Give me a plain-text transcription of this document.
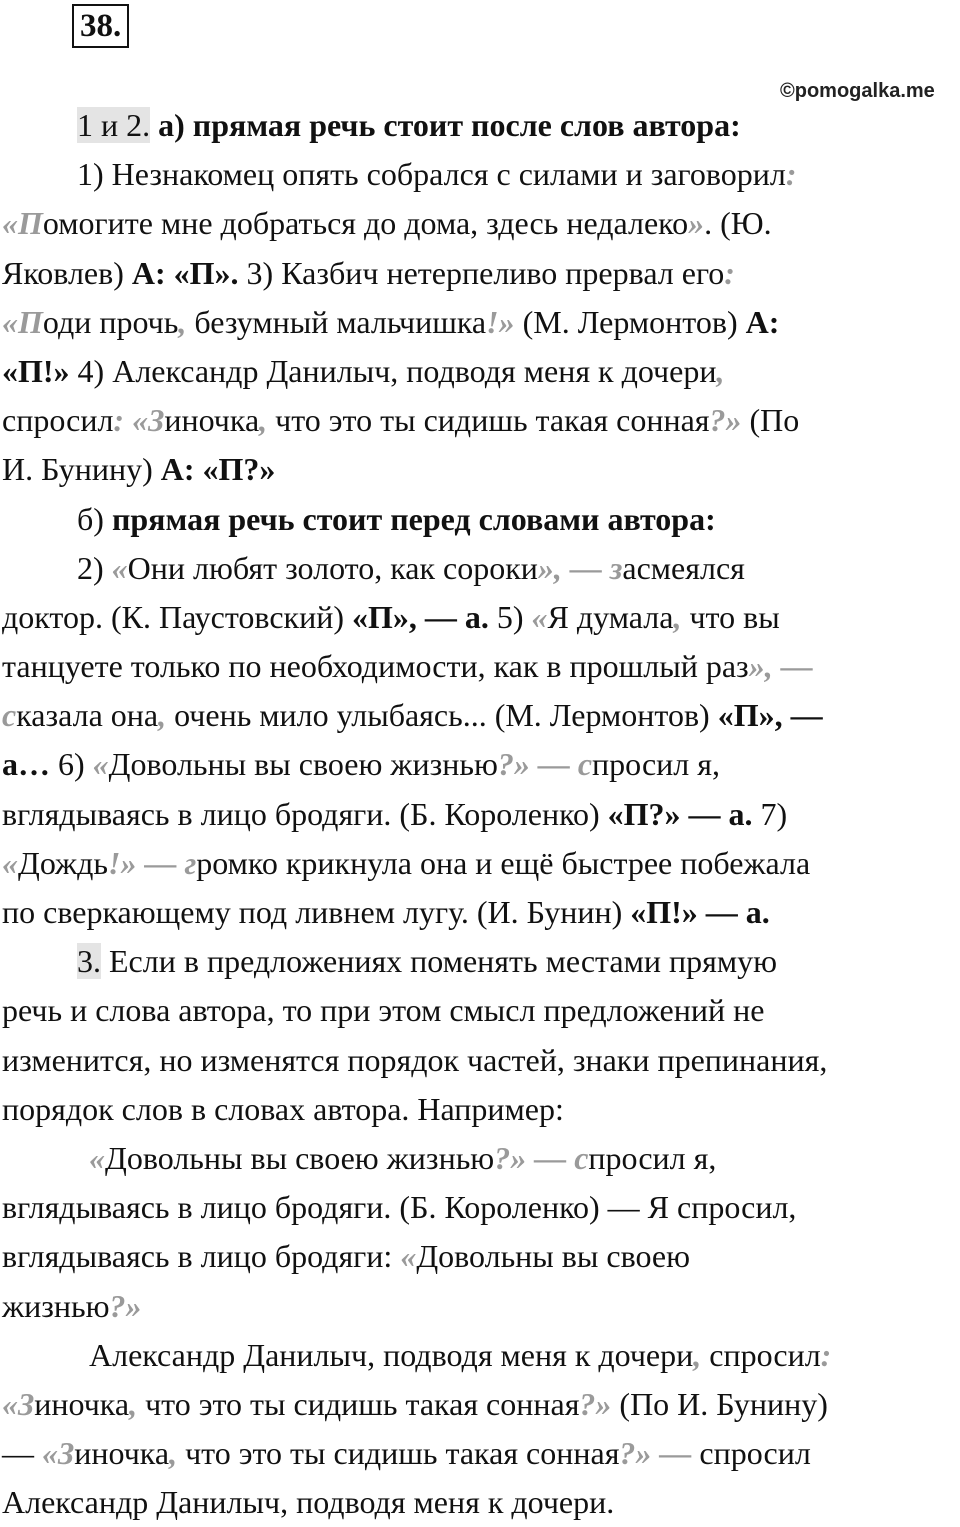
38.
©pomogalka.me
1 и 2. а) прямая речь стоит после слов автора:
1) Незнакомец опять собрался с силами и заговорил:
«Помогите мне добраться до дома, здесь недалеко». (Ю.
Яковлев) А: «П». 3) Казбич нетерпеливо прервал его:
«Поди прочь, безумный мальчишка!» (М. Лермонтов) А:
«П!» 4) Александр Данилыч, подводя меня к дочери,
спросил: «Зиночка, что это ты сидишь такая сонная?» (По
И. Бунину) А: «П?»
б) прямая речь стоит перед словами автора:
2) «Они любят золото, как сороки», — засмеялся
доктор. (К. Паустовский) «П», — а. 5) «Я думала, что вы
танцуете только по необходимости, как в прошлый раз», —
сказала она, очень мило улыбаясь... (М. Лермонтов) «П», —
а… 6) «Довольны вы своею жизнью?» — спросил я,
вглядываясь в лицо бродяги. (Б. Короленко) «П?» — а. 7)
«Дождь!» — громко крикнула она и ещё быстрее побежала
по сверкающему под ливнем лугу. (И. Бунин) «П!» — а.
3. Если в предложениях поменять местами прямую
речь и слова автора, то при этом смысл предложений не
изменится, но изменятся порядок частей, знаки препинания,
порядок слов в словах автора. Например:
«Довольны вы своею жизнью?» — спросил я,
вглядываясь в лицо бродяги. (Б. Короленко) — Я спросил,
вглядываясь в лицо бродяги: «Довольны вы своею
жизнью?»
Александр Данилыч, подводя меня к дочери, спросил:
«Зиночка, что это ты сидишь такая сонная?» (По И. Бунину)
— «Зиночка, что это ты сидишь такая сонная?» — спросил
Александр Данилыч, подводя меня к дочери.
